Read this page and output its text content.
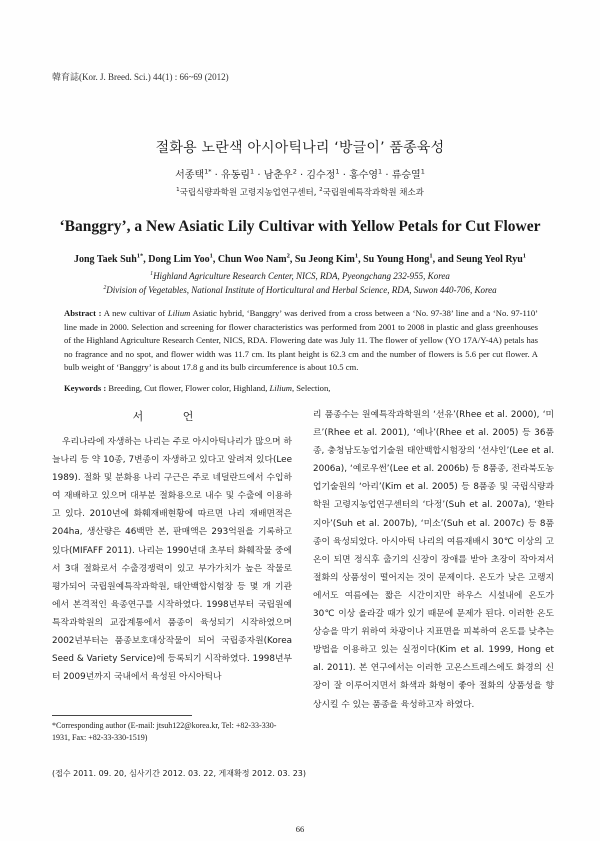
韓育誌(Kor. J. Breed. Sci.) 44(1) : 66~69 (2012)
절화용 노란색 아시아틱나리 ‘방글이’ 품종육성
서종택$^{1*}$ · 유동림$^1$ · 남춘우$^2$ · 김수정$^1$ · 홍수영$^1$ · 류승열$^1$
$^1$국립식량과학원 고령지농업연구센터, $^2$국립원예특작과학원 채소과
‘Banggry’, a New Asiatic Lily Cultivar with Yellow Petals for Cut Flower
Jong Taek Suh$^{1*}$, Dong Lim Yoo$^1$, Chun Woo Nam$^2$, Su Jeong Kim$^1$, Su Young Hong$^1$, and Seung Yeol Ryu$^1$
$^1$Highland Agriculture Research Center, NICS, RDA, Pyeongchang 232-955, Korea
$^2$Division of Vegetables, National Institute of Horticultural and Herbal Science, RDA, Suwon 440-706, Korea
Abstract : A new cultivar of Lilium Asiatic hybrid, ‘Banggry’ was derived from a cross between a ‘No. 97-38’ line and a ‘No. 97-110’ line made in 2000. Selection and screening for flower characteristics was performed from 2001 to 2008 in plastic and glass greenhouses of the Highland Agriculture Research Center, NICS, RDA. Flowering date was July 11. The flower of yellow (YO 17A/Y-4A) petals has no fragrance and no spot, and flower width was 11.7 cm. Its plant height is 62.3 cm and the number of flowers is 5.6 per cut flower. A bulb weight of ‘Banggry’ is about 17.8 g and its bulb circumference is about 10.5 cm.
Keywords : Breeding, Cut flower, Flower color, Highland, Lilium, Selection,
서 언

우리나라에 자생하는 나리는 주로 아시아틱나리가 많으며 하늘나리 등 약 10종, 7변종이 자생하고 있다고 알려져 있다(Lee 1989). 절화 및 분화용 나리 구근은 주로 네덜란드에서 수입하여 재배하고 있으며 대부분 절화용으로 내수 및 수출에 이용하고 있다. 2010년에 화훼재배현황에 따르면 나리 재배면적은 204ha, 생산량은 46백만 본, 판매액은 293억원을 기록하고 있다(MIFAFF 2011). 나리는 1990년대 초부터 화훼작물 중에서 3대 절화로서 수출경쟁력이 있고 부가가치가 높은 작물로 평가되어 국립원예특작과학원, 태안백합시험장 등 몇 개 기관에서 본격적인 육종연구를 시작하였다. 1998년부터 국립원예특작과학원의 교잡계통에서 품종이 육성되기 시작하였으며 2002년부터는 품종보호대상작물이 되어 국립종자원(Korea Seed & Variety Service)에 등록되기 시작하였다. 1998년부터 2009년까지 국내에서 육성된 아시아틱나

리 품종수는 원예특작과학원의 ‘선유’(Rhee et al. 2000), ‘미르’(Rhee et al. 2001), ‘예나’(Rhee et al. 2005) 등 36품종, 충청남도농업기술원 태안백합시험장의 ‘선샤인’(Lee et al. 2006a), ‘예로우썬’(Lee et al. 2006b) 등 8품종, 전라북도농업기술원의 ‘아리’(Kim et al. 2005) 등 8품종 및 국립식량과학원 고령지농업연구센터의 ‘다정’(Suh et al. 2007a), ‘환타지아’(Suh et al. 2007b), ‘미소’(Suh et al. 2007c) 등 8품종이 육성되었다. 아시아틱 나리의 여름재배시 30℃ 이상의 고온이 되면 정식후 출기의 신장이 장애를 받아 초장이 작아져서 절화의 상품성이 떨어지는 것이 문제이다. 온도가 낮은 고랭지에서도 여름에는 짧은 시간이지만 하우스 시설내에 온도가 30℃ 이상 올라갈 때가 있기 때문에 문제가 된다. 이러한 온도상승을 막기 위하여 차광이나 지표면을 피복하여 온도를 낮추는 방법을 이용하고 있는 실정이다(Kim et al. 1999, Hong et al. 2011). 본 연구에서는 이러한 고온스트레스에도 화경의 신장이 잘 이루어지면서 화색과 화형이 좋아 절화의 상품성을 향상시킬 수 있는 품종을 육성하고자 하였다.

*Corresponding author (E-mail: jtsuh122@korea.kr, Tel: +82-33-330-1931, Fax: +82-33-330-1519)
(접수 2011. 09. 20, 심사기간 2012. 03. 22, 게재확정 2012. 03. 23)
66
